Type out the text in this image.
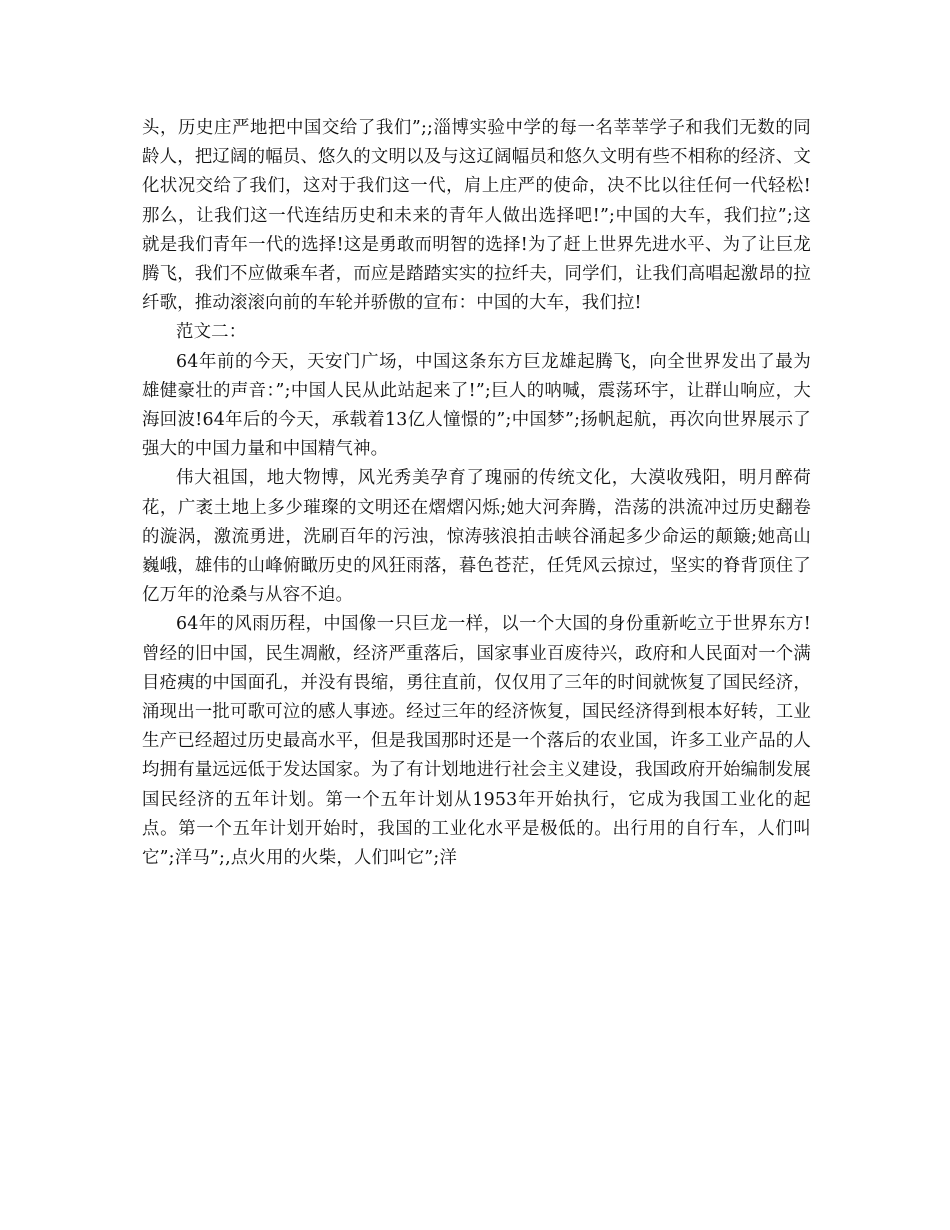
头，历史庄严地把中国交给了我们”;;淄博实验中学的每一名莘莘学子和我们无数的同龄人，把辽阔的幅员、悠久的文明以及与这辽阔幅员和悠久文明有些不相称的经济、文化状况交给了我们，这对于我们这一代，肩上庄严的使命，决不比以往任何一代轻松!那么，让我们这一代连结历史和未来的青年人做出选择吧!”;中国的大车，我们拉”;这就是我们青年一代的选择!这是勇敢而明智的选择!为了赶上世界先进水平、为了让巨龙腾飞，我们不应做乘车者，而应是踏踏实实的拉纤夫，同学们，让我们高唱起激昂的拉纤歌，推动滚滚向前的车轮并骄傲的宣布：中国的大车，我们拉!

范文二：

64年前的今天，天安门广场，中国这条东方巨龙雄起腾飞，向全世界发出了最为雄健豪壮的声音：”;中国人民从此站起来了!”;巨人的呐喊，震荡环宇，让群山响应，大海回波!64年后的今天，承载着13亿人憧憬的”;中国梦”;扬帆起航，再次向世界展示了强大的中国力量和中国精气神。

伟大祖国，地大物博，风光秀美孕育了瑰丽的传统文化，大漠收残阳，明月醉荷花，广袤土地上多少璀璨的文明还在熠熠闪烁;她大河奔腾，浩荡的洪流冲过历史翻卷的漩涡，激流勇进，洗刷百年的污浊，惊涛骇浪拍击峡谷涌起多少命运的颠簸;她高山巍峨，雄伟的山峰俯瞰历史的风狂雨落，暮色苍茫，任凭风云掠过，坚实的脊背顶住了亿万年的沧桑与从容不迫。

64年的风雨历程，中国像一只巨龙一样，以一个大国的身份重新屹立于世界东方!曾经的旧中国，民生凋敝，经济严重落后，国家事业百废待兴，政府和人民面对一个满目疮痍的中国面孔，并没有畏缩，勇往直前，仅仅用了三年的时间就恢复了国民经济，涌现出一批可歌可泣的感人事迹。经过三年的经济恢复，国民经济得到根本好转，工业生产已经超过历史最高水平，但是我国那时还是一个落后的农业国，许多工业产品的人均拥有量远远低于发达国家。为了有计划地进行社会主义建设，我国政府开始编制发展国民经济的五年计划。第一个五年计划从1953年开始执行，它成为我国工业化的起点。第一个五年计划开始时，我国的工业化水平是极低的。出行用的自行车，人们叫它”;洋马”;,点火用的火柴，人们叫它”;洋
